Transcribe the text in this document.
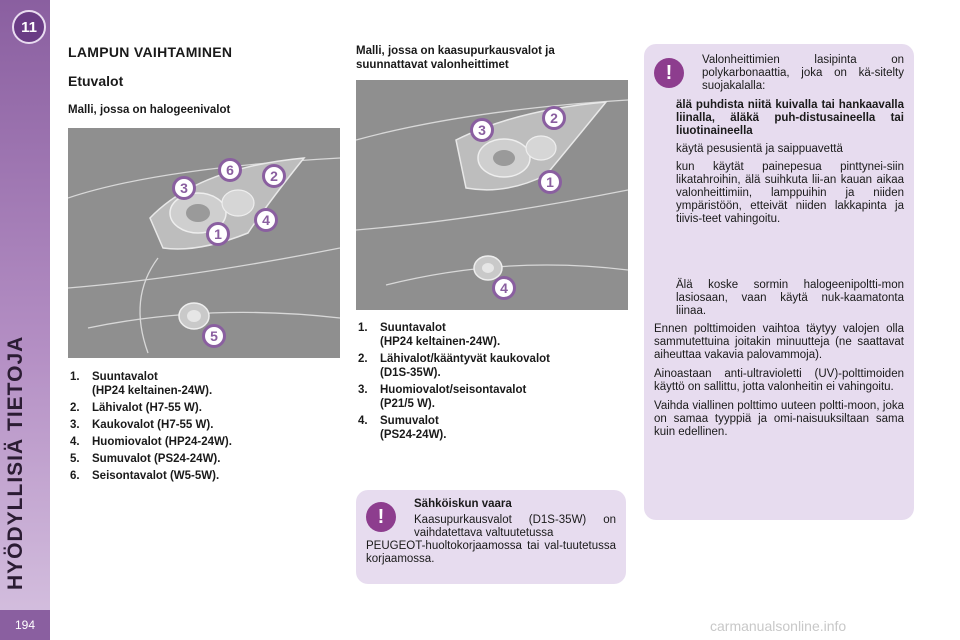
11
HYÖDYLLISIÄ TIETOJA
194
LAMPUN VAIHTAMINEN
Etuvalot
Malli, jossa on halogeenivalot
Malli, jossa on kaasupurkausvalot ja
suunnattavat valonheittimet
6
3
2
1
4
5
3
2
1
4
1. Suuntavalot
(HP24 keltainen-24W).
2. Lähivalot (H7-55 W).
3. Kaukovalot (H7-55 W).
4. Huomiovalot (HP24-24W).
5. Sumuvalot (PS24-24W).
6. Seisontavalot (W5-5W).
1. Suuntavalot
(HP24 keltainen-24W).
2. Lähivalot/kääntyvät kaukovalot
(D1S-35W).
3. Huomiovalot/seisontavalot
(P21/5 W).
4. Sumuvalot
(PS24-24W).
!
Sähköiskun vaara
Kaasupurkausvalot (D1S-35W) on vaihdatettava valtuutetussa
PEUGEOT-huoltokorjaamossa tai val-tuutetussa korjaamossa.
!

Valonheittimien lasipinta on polykarbonaattia, joka on kä-sitelty suojakalalla:

älä puhdista niitä kuivalla tai hankaavalla liinalla, äläkä puh-distusaineella tai liuotinaineella
käytä pesusientä ja saippuavettä
kun käytät painepesua pinttynei-siin likatahroihin, älä suihkuta lii-an kauan aikaa valonheittimiin, lamppuihin ja niiden ympäristöön, etteivät niiden lakkapinta ja tiivis-teet vahingoitu.
Älä koske sormin halogeenipoltti-mon lasiosaan, vaan käytä nuk-kaamatonta liinaa.

Ennen polttimoiden vaihtoa täytyy valojen olla sammutettuina joitakin minuutteja (ne saattavat aiheuttaa vakavia palovammoja).

Ainoastaan anti-ultravioletti (UV)-polttimoiden käyttö on sallittu, jotta valonheitin ei vahingoitu.

Vaihda viallinen polttimo uuteen poltti-moon, joka on samaa tyyppiä ja omi-naisuuksiltaan sama kuin edellinen.

carmanualsonline.info
